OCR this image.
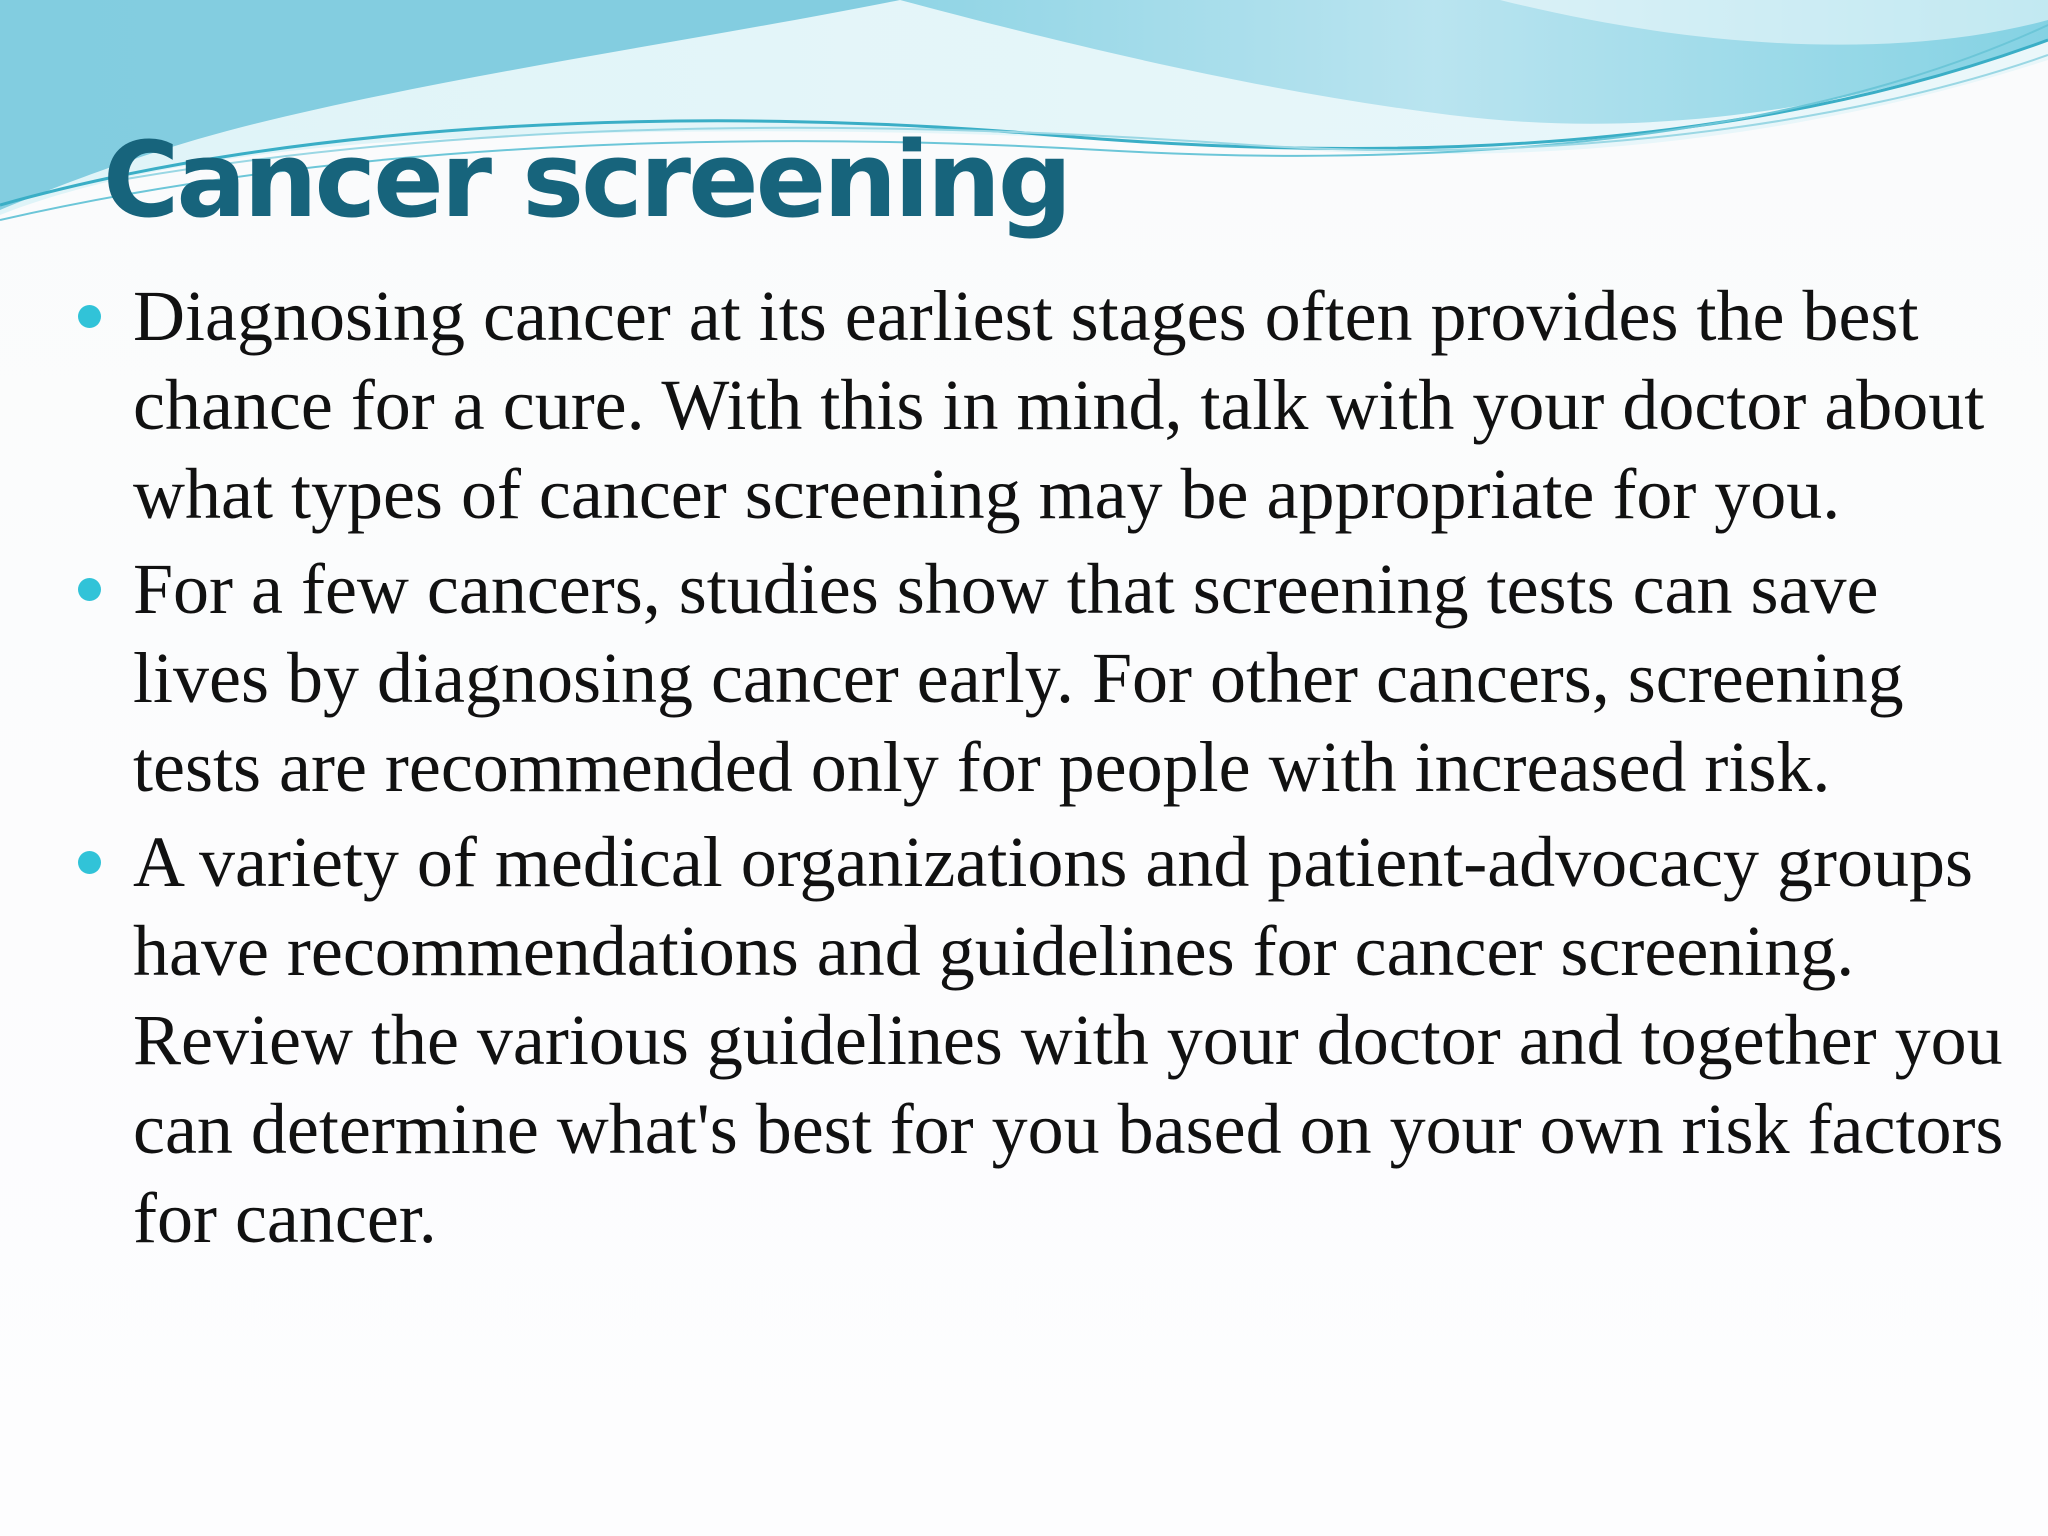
Cancer screening
Diagnosing cancer at its earliest stages often provides the best chance for a cure. With this in mind, talk with your doctor about what types of cancer screening may be appropriate for you.
For a few cancers, studies show that screening tests can save lives by diagnosing cancer early. For other cancers, screening tests are recommended only for people with increased risk.
A variety of medical organizations and patient-advocacy groups have recommendations and guidelines for cancer screening. Review the various guidelines with your doctor and together you can determine what's best for you based on your own risk factors for cancer.
